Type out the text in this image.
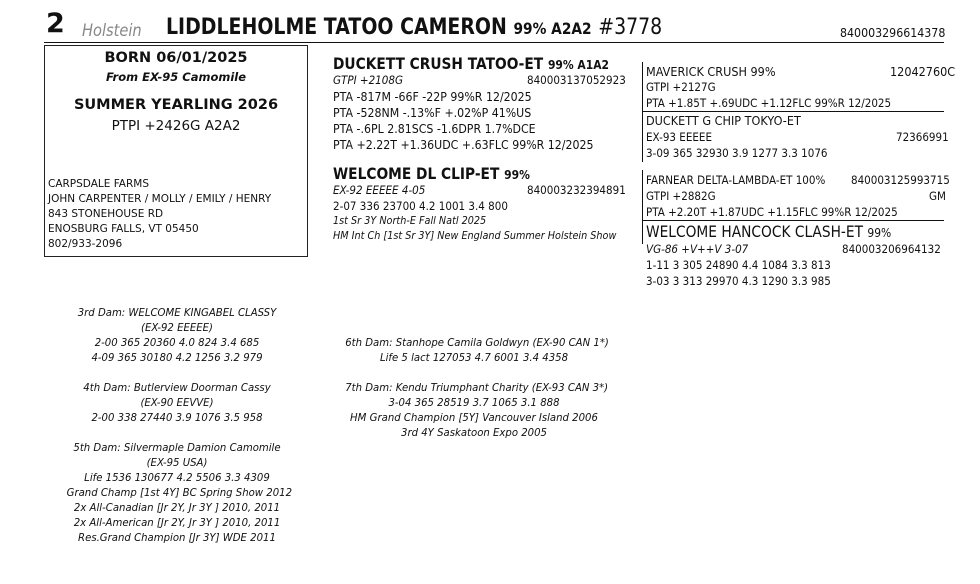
2 Holstein LIDDLEHOLME TATOO CAMERON 99% A2A2 #3778	840003296614378
BORN 06/01/2025
From EX-95 Camomile
SUMMER YEARLING 2026
PTPI +2426G A2A2
CARPSDALE FARMS
JOHN CARPENTER / MOLLY / EMILY / HENRY
843 STONEHOUSE RD
ENOSBURG FALLS, VT 05450
802/933-2096
DUCKETT CRUSH TATOO-ET 99% A1A2
GTPI +2108G	840003137052923
PTA -817M -66F -22P 99%R 12/2025
PTA -528NM -.13%F +.02%P 41%US
PTA -.6PL 2.81SCS -1.6DPR 1.7%DCE
PTA +2.22T +1.36UDC +.63FLC 99%R 12/2025
WELCOME DL CLIP-ET 99%
EX-92 EEEEE 4-05	840003232394891
2-07 336 23700 4.2 1001 3.4 800
1st Sr 3Y North-E Fall Natl 2025
HM Int Ch [1st Sr 3Y] New England Summer Holstein Show
MAVERICK CRUSH 99%	12042760C
GTPI +2127G
PTA +1.85T +.69UDC +1.12FLC 99%R 12/2025
DUCKETT G CHIP TOKYO-ET
EX-93 EEEEE	72366991
3-09 365 32930 3.9 1277 3.3 1076
FARNEAR DELTA-LAMBDA-ET 100% 840003125993715
GTPI +2882G	GM
PTA +2.20T +1.87UDC +1.15FLC 99%R 12/2025
WELCOME HANCOCK CLASH-ET 99%
VG-86 +V++V 3-07	840003206964132
1-11 3 305 24890 4.4 1084 3.3 813
3-03 3 313 29970 4.3 1290 3.3 985
3rd Dam: WELCOME KINGABEL CLASSY
(EX-92 EEEEE)
2-00 365 20360 4.0 824 3.4 685
4-09 365 30180 4.2 1256 3.2 979
4th Dam: Butlerview Doorman Cassy
(EX-90 EEVVE)
2-00 338 27440 3.9 1076 3.5 958
5th Dam: Silvermaple Damion Camomile
(EX-95 USA)
Life 1536 130677 4.2 5506 3.3 4309
Grand Champ [1st 4Y] BC Spring Show 2012
2x All-Canadian [Jr 2Y, Jr 3Y ] 2010, 2011
2x All-American [Jr 2Y, Jr 3Y ] 2010, 2011
Res.Grand Champion [Jr 3Y] WDE 2011
6th Dam: Stanhope Camila Goldwyn (EX-90 CAN 1*)
Life 5 lact 127053 4.7 6001 3.4 4358
7th Dam: Kendu Triumphant Charity (EX-93 CAN 3*)
3-04 365 28519 3.7 1065 3.1 888
HM Grand Champion [5Y] Vancouver Island 2006
3rd 4Y Saskatoon Expo 2005
